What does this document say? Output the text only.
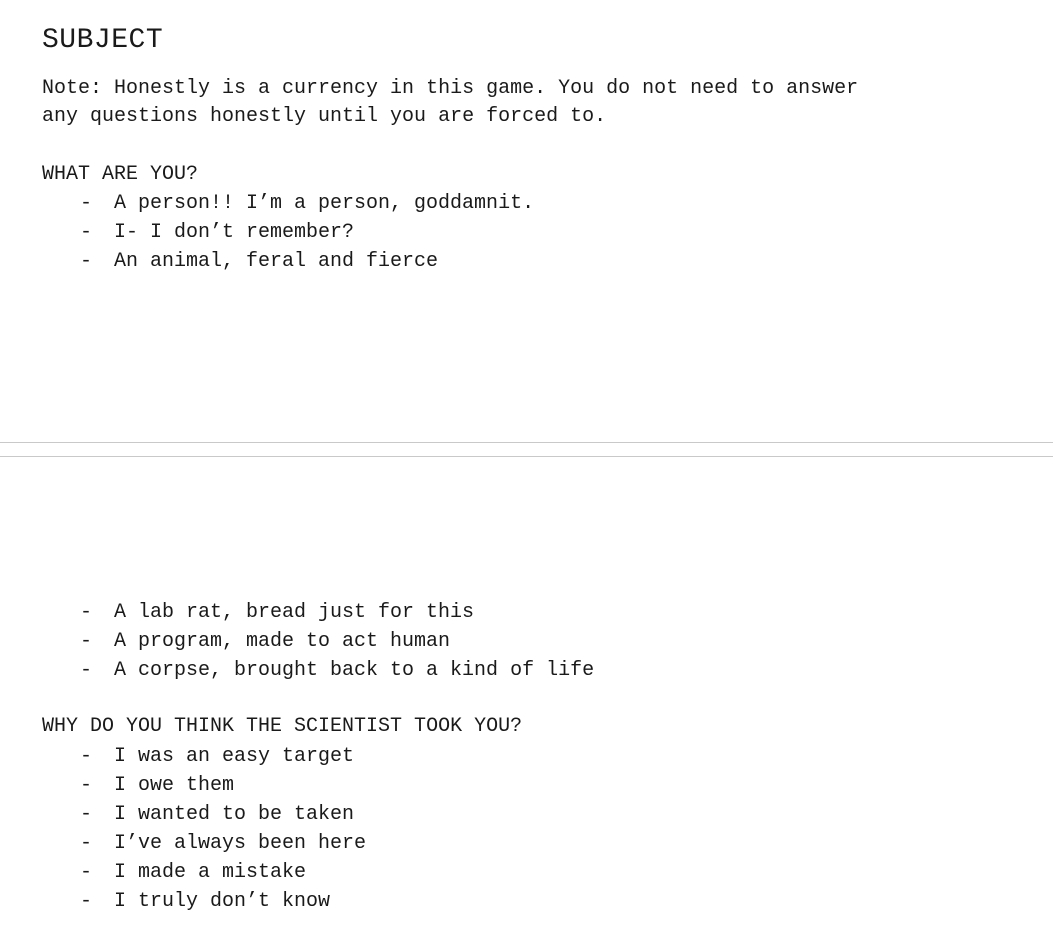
SUBJECT
Note: Honestly is a currency in this game. You do not need to answer
any questions honestly until you are forced to.
WHAT ARE YOU?
- A person!! I’m a person, goddamnit.
- I- I don’t remember?
- An animal, feral and fierce
- A lab rat, bread just for this
- A program, made to act human
- A corpse, brought back to a kind of life
WHY DO YOU THINK THE SCIENTIST TOOK YOU?
- I was an easy target
- I owe them
- I wanted to be taken
- I’ve always been here
- I made a mistake
- I truly don’t know
